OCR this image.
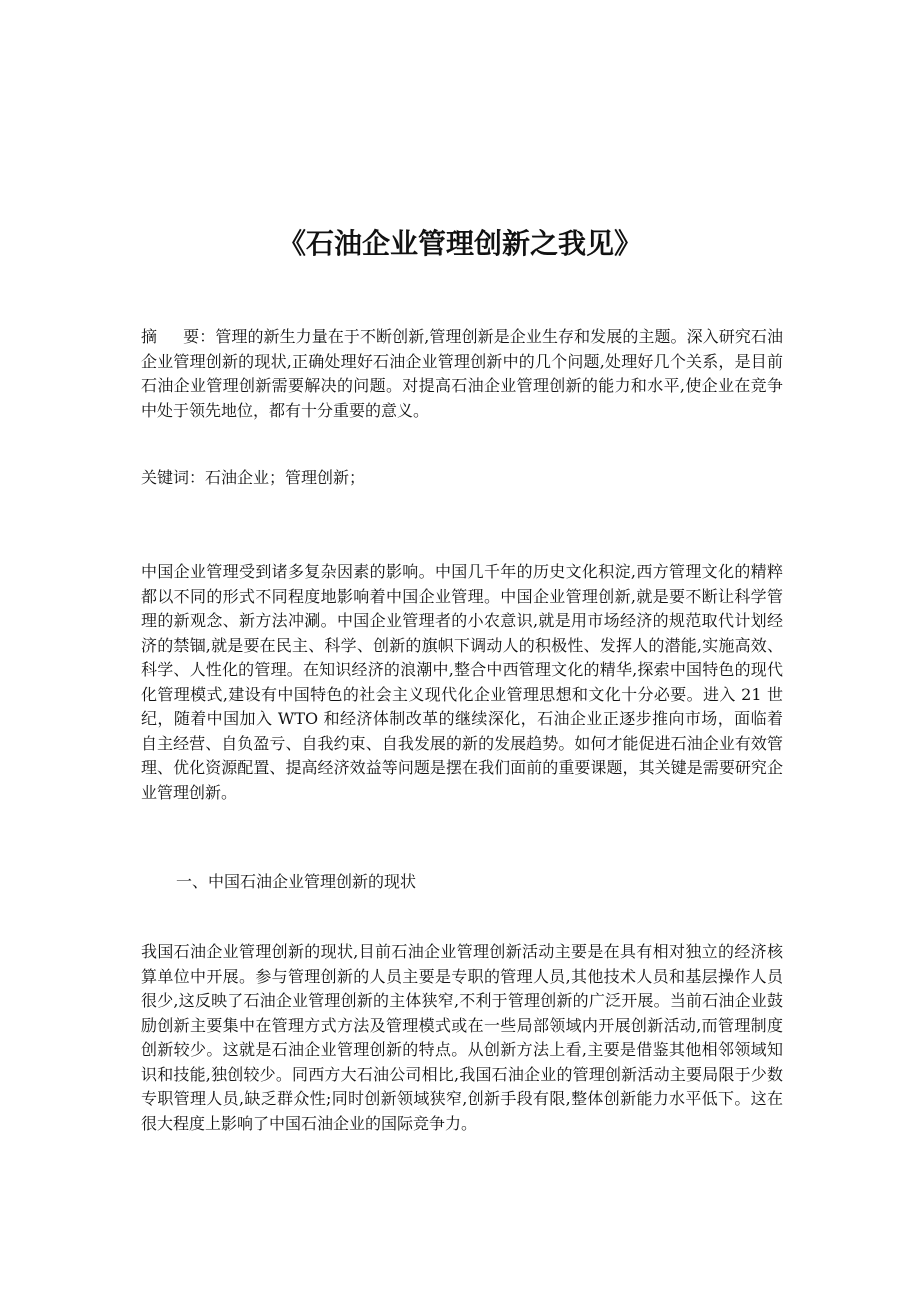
《石油企业管理创新之我见》

摘 要：管理的新生力量在于不断创新,管理创新是企业生存和发展的主题。深入研究石油企业管理创新的现状,正确处理好石油企业管理创新中的几个问题,处理好几个关系，是目前石油企业管理创新需要解决的问题。对提高石油企业管理创新的能力和水平,使企业在竞争中处于领先地位，都有十分重要的意义。

关键词：石油企业；管理创新；

中国企业管理受到诸多复杂因素的影响。中国几千年的历史文化积淀,西方管理文化的精粹都以不同的形式不同程度地影响着中国企业管理。中国企业管理创新,就是要不断让科学管理的新观念、新方法冲涮。中国企业管理者的小农意识,就是用市场经济的规范取代计划经济的禁锢,就是要在民主、科学、创新的旗帜下调动人的积极性、发挥人的潜能,实施高效、科学、人性化的管理。在知识经济的浪潮中,整合中西管理文化的精华,探索中国特色的现代化管理模式,建设有中国特色的社会主义现代化企业管理思想和文化十分必要。进入 21 世纪，随着中国加入 WTO 和经济体制改革的继续深化，石油企业正逐步推向市场，面临着自主经营、自负盈亏、自我约束、自我发展的新的发展趋势。如何才能促进石油企业有效管理、优化资源配置、提高经济效益等问题是摆在我们面前的重要课题，其关键是需要研究企业管理创新。

一、中国石油企业管理创新的现状

我国石油企业管理创新的现状,目前石油企业管理创新活动主要是在具有相对独立的经济核算单位中开展。参与管理创新的人员主要是专职的管理人员,其他技术人员和基层操作人员很少,这反映了石油企业管理创新的主体狭窄,不利于管理创新的广泛开展。当前石油企业鼓励创新主要集中在管理方式方法及管理模式或在一些局部领域内开展创新活动,而管理制度创新较少。这就是石油企业管理创新的特点。从创新方法上看,主要是借鉴其他相邻领域知识和技能,独创较少。同西方大石油公司相比,我国石油企业的管理创新活动主要局限于少数专职管理人员,缺乏群众性;同时创新领域狭窄,创新手段有限,整体创新能力水平低下。这在很大程度上影响了中国石油企业的国际竞争力。
